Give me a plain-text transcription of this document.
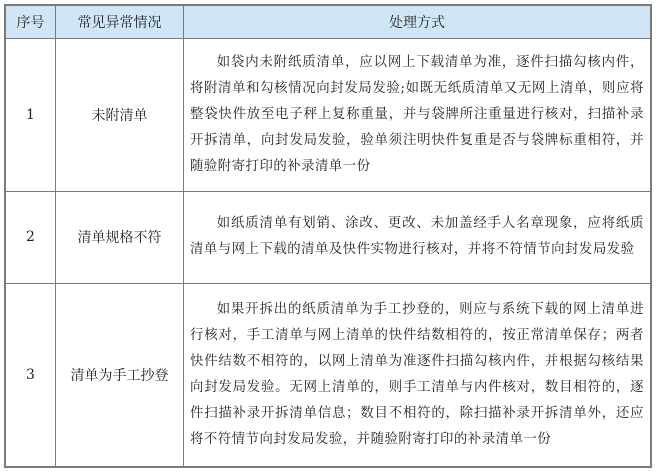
序号	常见异常情况	处理方式
1	未附清单	如袋内未附纸质清单，应以网上下载清单为准，逐件扫描勾核内件，将附清单和勾核情况向封发局发验;如既无纸质清单又无网上清单，则应将整袋快件放至电子秤上复称重量，并与袋牌所注重量进行核对，扫描补录开拆清单，向封发局发验，验单须注明快件复重是否与袋牌标重相符，并随验附寄打印的补录清单一份

2	清单规格不符	如纸质清单有划销、涂改、更改、未加盖经手人名章现象，应将纸质清单与网上下载的清单及快件实物进行核对，并将不符情节向封发局发验

3	清单为手工抄登	如果开拆出的纸质清单为手工抄登的，则应与系统下载的网上清单进行核对，手工清单与网上清单的快件结数相符的，按正常清单保存；两者快件结数不相符的，以网上清单为准逐件扫描勾核内件，并根据勾核结果向封发局发验。无网上清单的，则手工清单与内件核对，数目相符的，逐件扫描补录开拆清单信息；数目不相符的，除扫描补录开拆清单外，还应将不符情节向封发局发验，并随验附寄打印的补录清单一份
